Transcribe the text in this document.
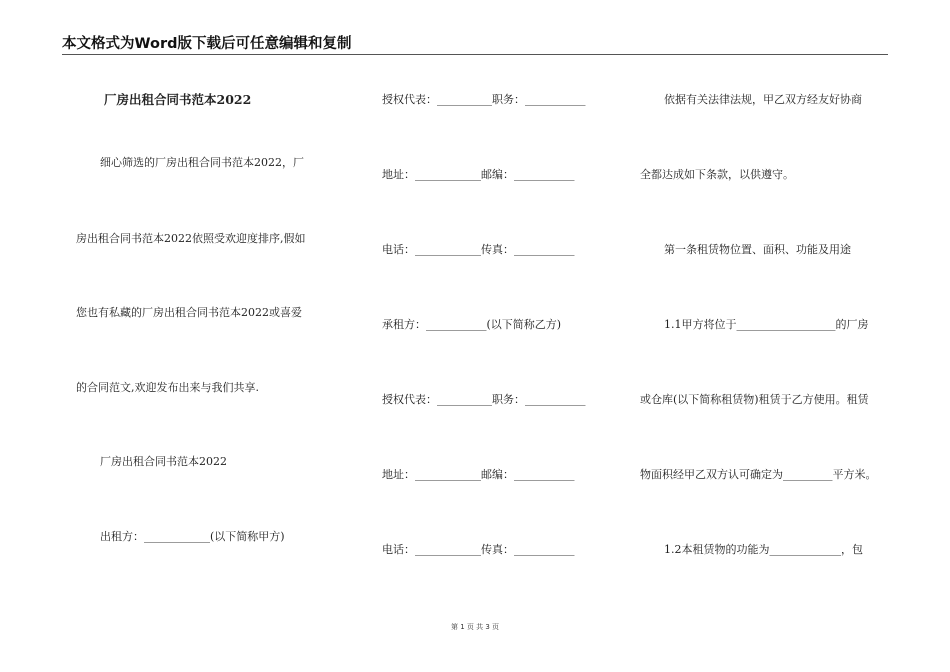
本文格式为Word版下载后可任意编辑和复制
厂房出租合同书范本2022
细心筛选的厂房出租合同书范本2022，厂
房出租合同书范本2022依照受欢迎度排序,假如
您也有私藏的厂房出租合同书范本2022或喜爱
的合同范文,欢迎发布出来与我们共享.
厂房出租合同书范本2022
出租方：____________(以下简称甲方)
授权代表：__________职务：___________
地址：____________邮编：___________
电话：____________传真：___________
承租方：___________(以下简称乙方)
授权代表：__________职务：___________
地址：____________邮编：___________
电话：____________传真：___________
依据有关法律法规，甲乙双方经友好协商
全都达成如下条款，以供遵守。
第一条租赁物位置、面积、功能及用途
1.1甲方将位于__________________的厂房
或仓库(以下简称租赁物)租赁于乙方使用。租赁
物面积经甲乙双方认可确定为_________平方米。
1.2本租赁物的功能为_____________，包
第 1 页 共 3 页
